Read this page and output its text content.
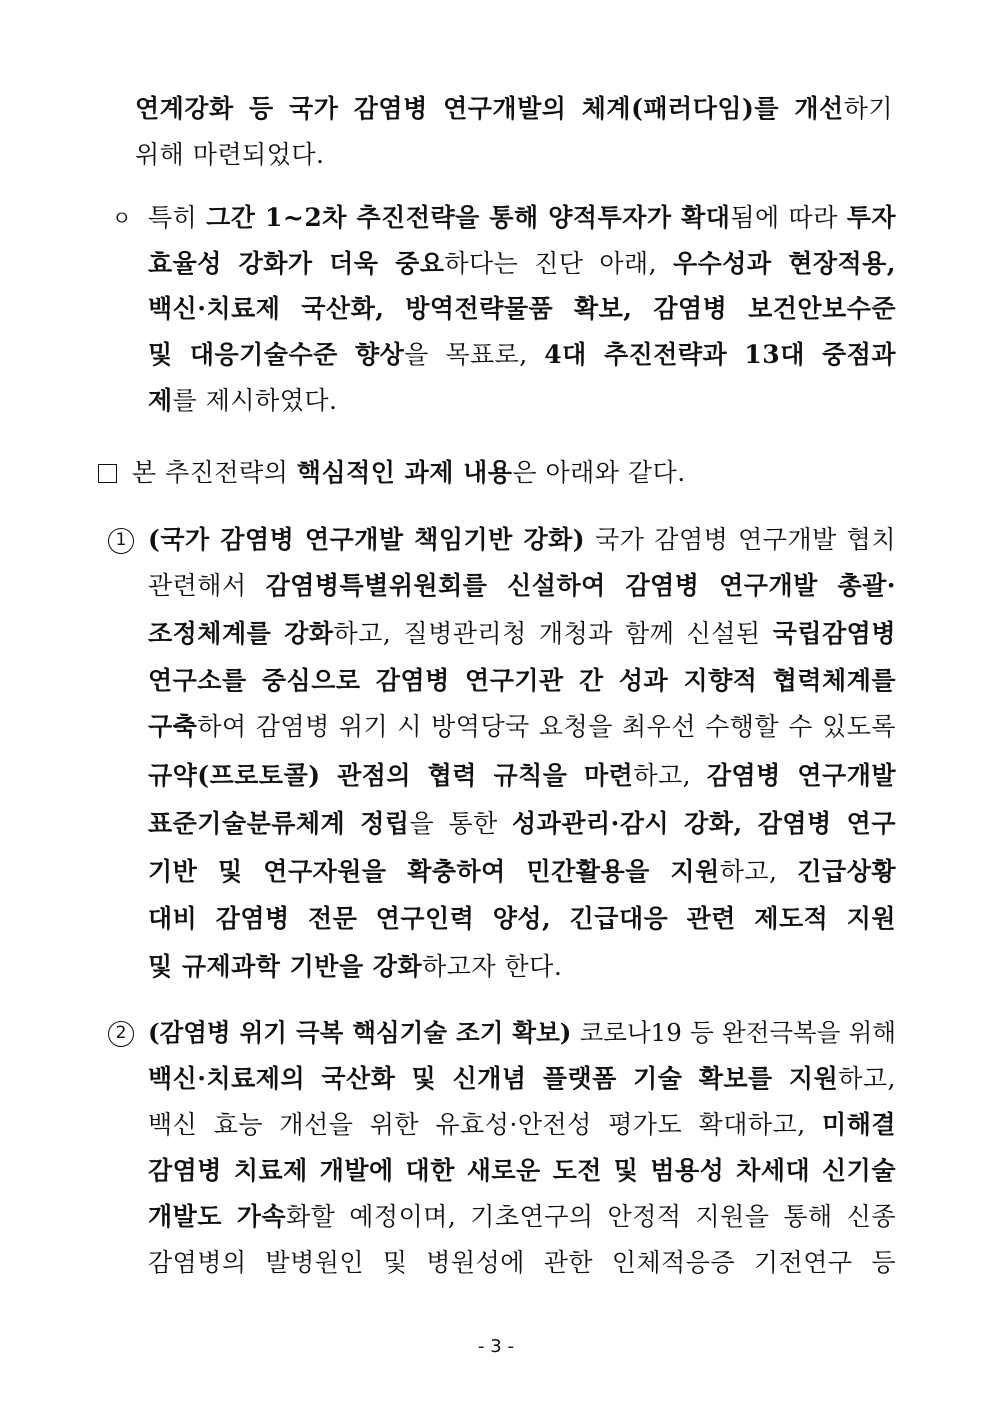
연계강화 등 국가 감염병 연구개발의 체계(패러다임)를 개선하기
위해 마련되었다.
ㅇ 특히 그간 1~2차 추진전략을 통해 양적투자가 확대됨에 따라 투자
효율성 강화가 더욱 중요하다는 진단 아래, 우수성과 현장적용,
백신·치료제 국산화, 방역전략물품 확보, 감염병 보건안보수준
및 대응기술수준 향상을 목표로, 4대 추진전략과 13대 중점과
제를 제시하였다.
본 추진전략의 핵심적인 과제 내용은 아래와 같다.
1 (국가 감염병 연구개발 책임기반 강화) 국가 감염병 연구개발 협치
관련해서 감염병특별위원회를 신설하여 감염병 연구개발 총괄·
조정체계를 강화하고, 질병관리청 개청과 함께 신설된 국립감염병
연구소를 중심으로 감염병 연구기관 간 성과 지향적 협력체계를
구축하여 감염병 위기 시 방역당국 요청을 최우선 수행할 수 있도록
규약(프로토콜) 관점의 협력 규칙을 마련하고, 감염병 연구개발
표준기술분류체계 정립을 통한 성과관리·감시 강화, 감염병 연구
기반 및 연구자원을 확충하여 민간활용을 지원하고, 긴급상황
대비 감염병 전문 연구인력 양성, 긴급대응 관련 제도적 지원
및 규제과학 기반을 강화하고자 한다.
2 (감염병 위기 극복 핵심기술 조기 확보) 코로나19 등 완전극복을 위해
백신·치료제의 국산화 및 신개념 플랫폼 기술 확보를 지원하고,
백신 효능 개선을 위한 유효성·안전성 평가도 확대하고, 미해결
감염병 치료제 개발에 대한 새로운 도전 및 범용성 차세대 신기술
개발도 가속화할 예정이며, 기초연구의 안정적 지원을 통해 신종
감염병의 발병원인 및 병원성에 관한 인체적응증 기전연구 등
- 3 -
